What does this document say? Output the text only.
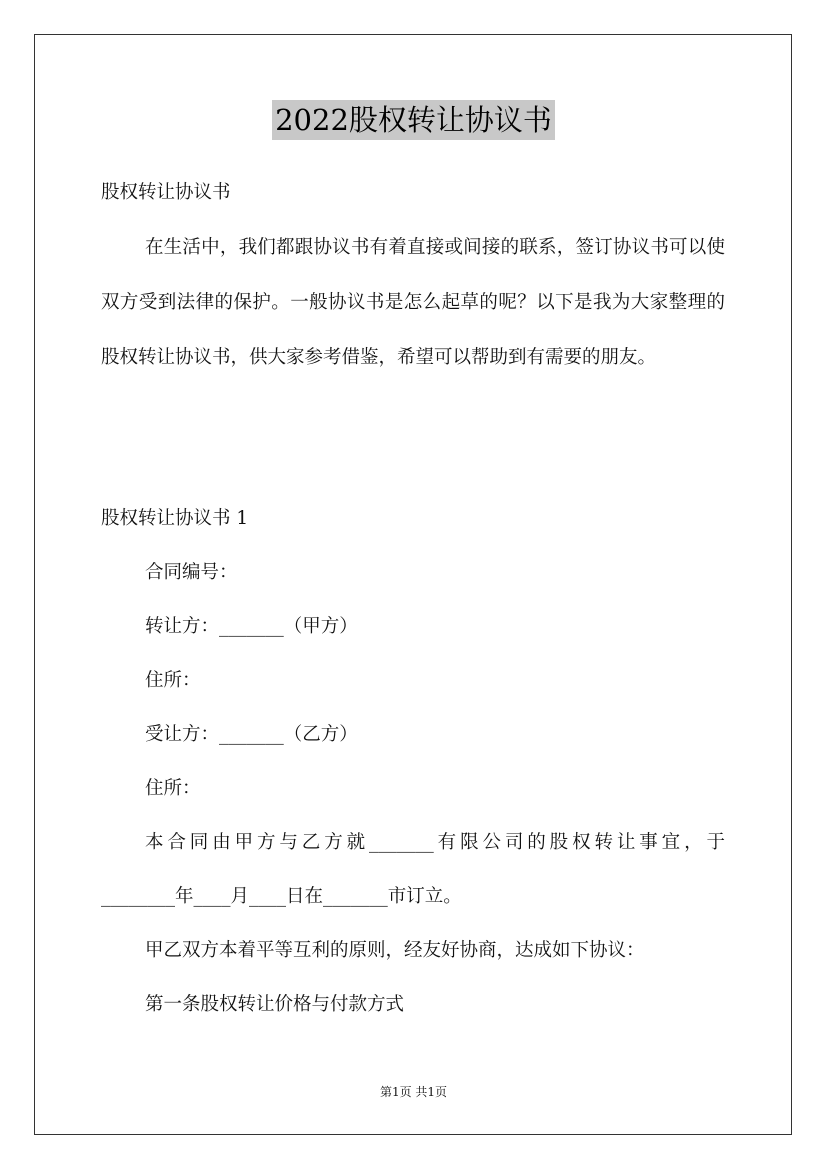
2022股权转让协议书
股权转让协议书
在生活中，我们都跟协议书有着直接或间接的联系，签订协议书可以使双方受到法律的保护。一般协议书是怎么起草的呢？以下是我为大家整理的股权转让协议书，供大家参考借鉴，希望可以帮助到有需要的朋友。
股权转让协议书 1
合同编号：
转让方：_______（甲方）
住所：
受让方：_______（乙方）
住所：
本合同由甲方与乙方就_______有限公司的股权转让事宜，于
________年____月____日在_______市订立。
甲乙双方本着平等互利的原则，经友好协商，达成如下协议：
第一条股权转让价格与付款方式
第1页 共1页
